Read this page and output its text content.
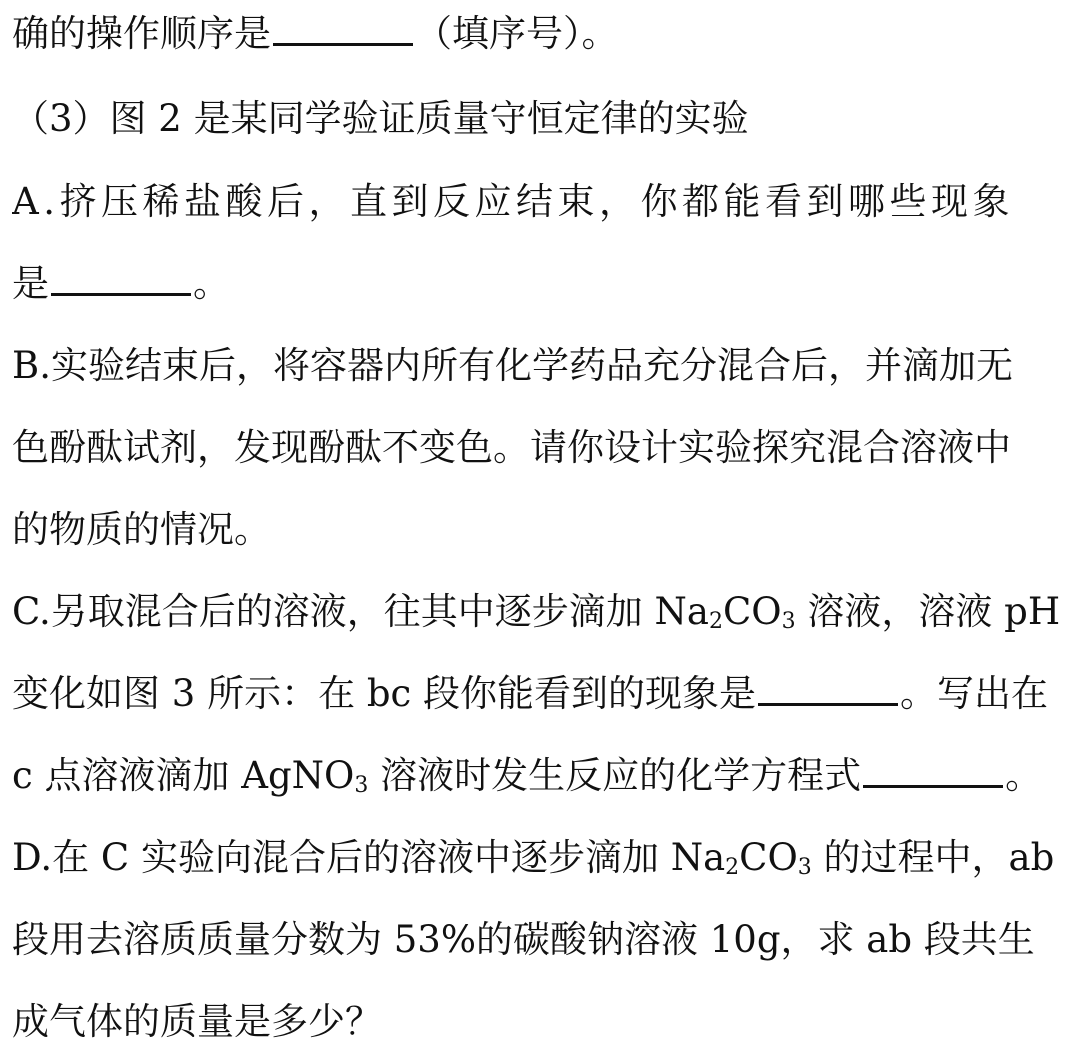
确的操作顺序是	（填序号）。
（3）图 2 是某同学验证质量守恒定律的实验
A.挤压稀盐酸后，直到反应结束，你都能看到哪些现象
是	。
B.实验结束后，将容器内所有化学药品充分混合后，并滴加无
色酚酞试剂，发现酚酞不变色。请你设计实验探究混合溶液中
的物质的情况。
C.另取混合后的溶液，往其中逐步滴加 $Na_2CO_3$ 溶液，溶液 pH
变化如图 3 所示：在 bc 段你能看到的现象是	。写出在
c 点溶液滴加 AgNO$_3$ 溶液时发生反应的化学方程式	。
D.在 C 实验向混合后的溶液中逐步滴加 $Na_2CO_3$ 的过程中，ab
段用去溶质质量分数为 53%的碳酸钠溶液 10g，求 ab 段共生
成气体的质量是多少？
